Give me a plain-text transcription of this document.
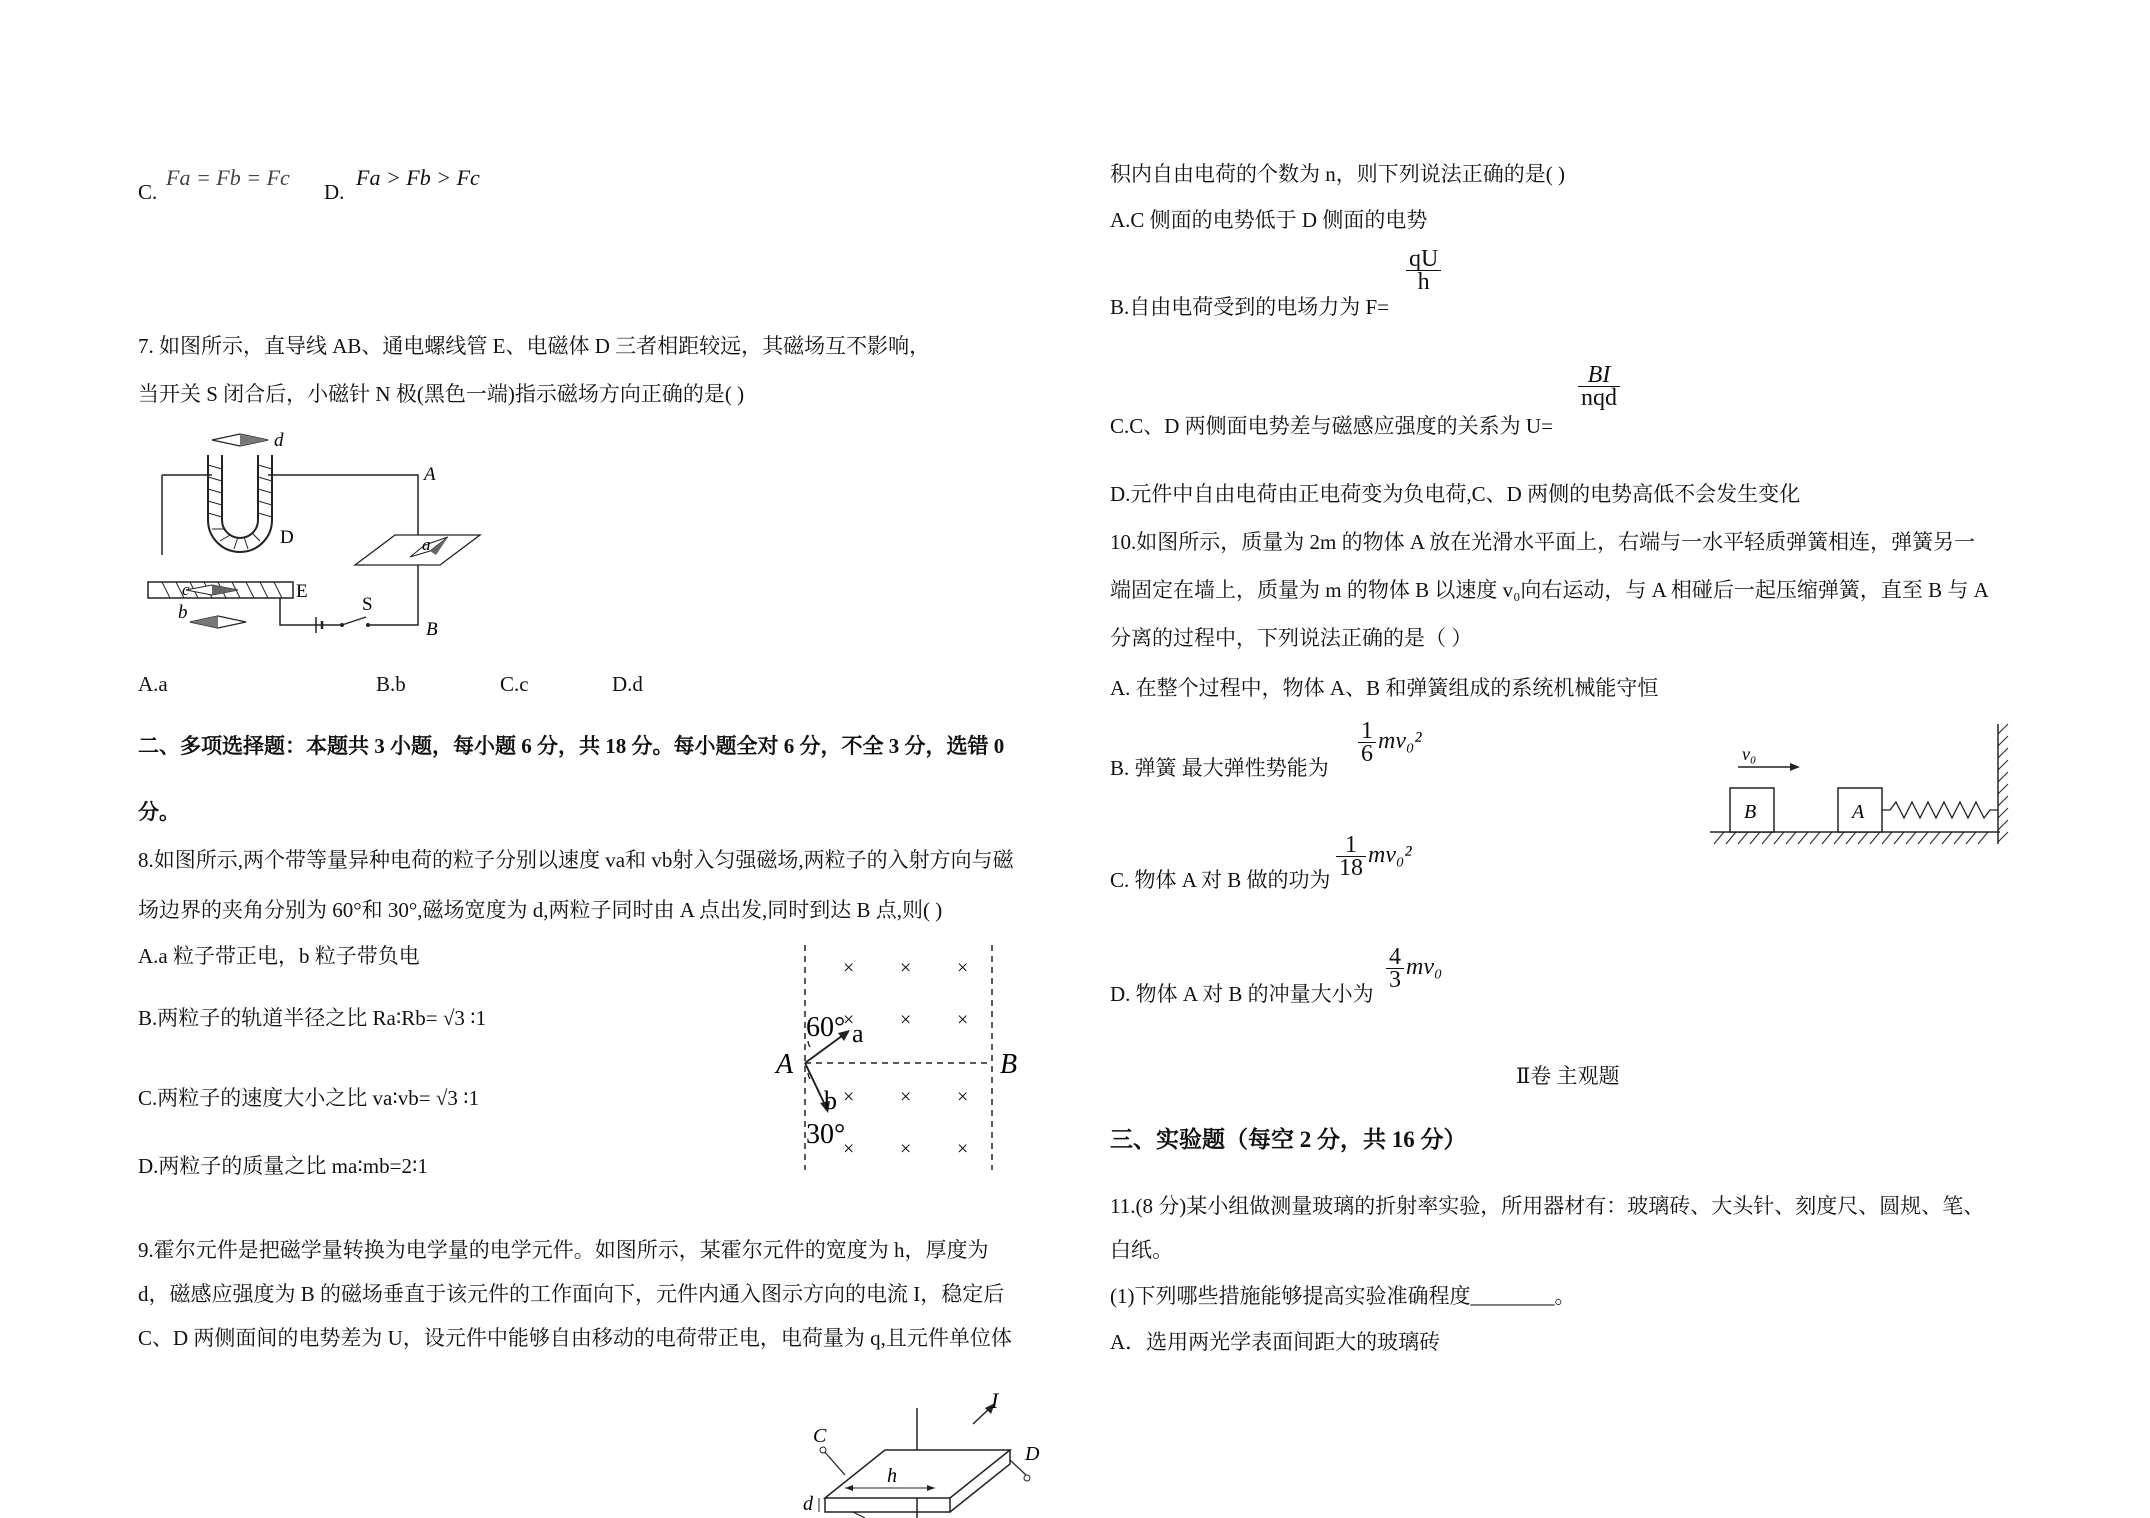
C.
Fa = Fb = Fc
D.
Fa > Fb > Fc
7. 如图所示，直导线 AB、通电螺线管 E、电磁体 D 三者相距较远，其磁场互不影响，
当开关 S 闭合后，小磁针 N 极(黑色一端)指示磁场方向正确的是( )
d
A
D	a
c	E
b	S
B
A.a	B.b	C.c	D.d
二、多项选择题：本题共 3 小题，每小题 6 分，共 18 分。每小题全对 6 分，不全 3 分，选错 0
分。
8.如图所示,两个带等量异种电荷的粒子分别以速度 va和 vb射入匀强磁场,两粒子的入射方向与磁
场边界的夹角分别为 60°和 30°,磁场宽度为 d,两粒子同时由 A 点出发,同时到达 B 点,则( )
A.a 粒子带正电，b 粒子带负电
B.两粒子的轨道半径之比 Ra∶Rb= √3 ∶1
C.两粒子的速度大小之比 va∶vb= √3 ∶1
D.两粒子的质量之比 ma∶mb=2∶1
× × ×
× × ×
× × ×
× × ×
60° a
A	B
b
30°
9.霍尔元件是把磁学量转换为电学量的电学元件。如图所示，某霍尔元件的宽度为 h，厚度为
d，磁感应强度为 B 的磁场垂直于该元件的工作面向下，元件内通入图示方向的电流 I，稳定后
C、D 两侧面间的电势差为 U，设元件中能够自由移动的电荷带正电，电荷量为 q,且元件单位体
I
C
D
h
d
积内自由电荷的个数为 n，则下列说法正确的是( )
A.C 侧面的电势低于 D 侧面的电势
B.自由电荷受到的电场力为 F=
$\frac{qU}{h}$
C.C、D 两侧面电势差与磁感应强度的关系为 U=
$\frac{BI}{\text{nqd}}$
D.元件中自由电荷由正电荷变为负电荷,C、D 两侧的电势高低不会发生变化
10.如图所示，质量为 2m 的物体 A 放在光滑水平面上，右端与一水平轻质弹簧相连，弹簧另一
端固定在墙上，质量为 m 的物体 B 以速度 v₀向右运动，与 A 相碰后一起压缩弹簧，直至 B 与 A
分离的过程中，下列说法正确的是（ ）
A. 在整个过程中，物体 A、B 和弹簧组成的系统机械能守恒
B. 弹簧 最大弹性势能为
$\frac{1}{6} mv_0^2$
C. 物体 A 对 B 做的功为
$\frac{1}{18} mv_0^2$
D. 物体 A 对 B 的冲量大小为
$\frac{4}{3} mv_0$
B	A
v₀
Ⅱ卷 主观题
三、实验题（每空 2 分，共 16 分）
11.(8 分)某小组做测量玻璃的折射率实验，所用器材有：玻璃砖、大头针、刻度尺、圆规、笔、
白纸。
(1)下列哪些措施能够提高实验准确程度________。
A．选用两光学表面间距大的玻璃砖
